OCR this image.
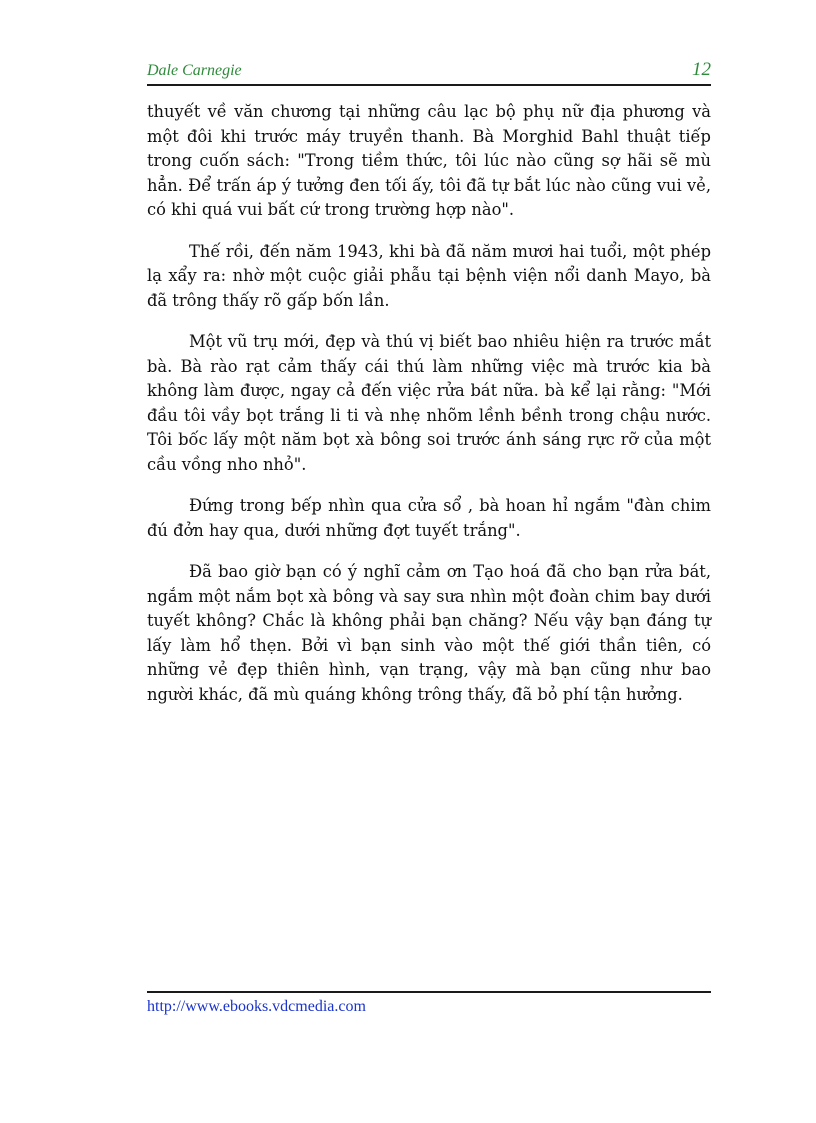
Dale Carnegie	12

thuyết về văn chương tại những câu lạc bộ phụ nữ địa phương và một đôi khi trước máy truyền thanh. Bà Morghid Bahl thuật tiếp trong cuốn sách: "Trong tiềm thức, tôi lúc nào cũng sợ hãi sẽ mù hẳn. Để trấn áp ý tưởng đen tối ấy, tôi đã tự bắt lúc nào cũng vui vẻ, có khi quá vui bất cứ trong trường hợp nào".

Thế rồi, đến năm 1943, khi bà đã năm mươi hai tuổi, một phép lạ xẩy ra: nhờ một cuộc giải phẫu tại bệnh viện nổi danh Mayo, bà đã trông thấy rõ gấp bốn lần.

Một vũ trụ mới, đẹp và thú vị biết bao nhiêu hiện ra trước mắt bà. Bà rào rạt cảm thấy cái thú làm những việc mà trước kia bà không làm được, ngay cả đến việc rửa bát nữa. bà kể lại rằng: "Mới đầu tôi vầy bọt trắng li ti và nhẹ nhõm lềnh bềnh trong chậu nước. Tôi bốc lấy một năm bọt xà bông soi trước ánh sáng rực rỡ của một cầu vồng nho nhỏ".

Đứng trong bếp nhìn qua cửa sổ , bà hoan hỉ ngắm "đàn chim đú đởn hay qua, dưới những đợt tuyết trắng".

Đã bao giờ bạn có ý nghĩ cảm ơn Tạo hoá đã cho bạn rửa bát, ngắm một nắm bọt xà bông và say sưa nhìn một đoàn chim bay dưới tuyết không? Chắc là không phải bạn chăng? Nếu vậy bạn đáng tự lấy làm hổ thẹn. Bởi vì bạn sinh vào một thế giới thần tiên, có những vẻ đẹp thiên hình, vạn trạng, vậy mà bạn cũng như bao người khác, đã mù quáng không trông thấy, đã bỏ phí tận hưởng.

http://www.ebooks.vdcmedia.com
